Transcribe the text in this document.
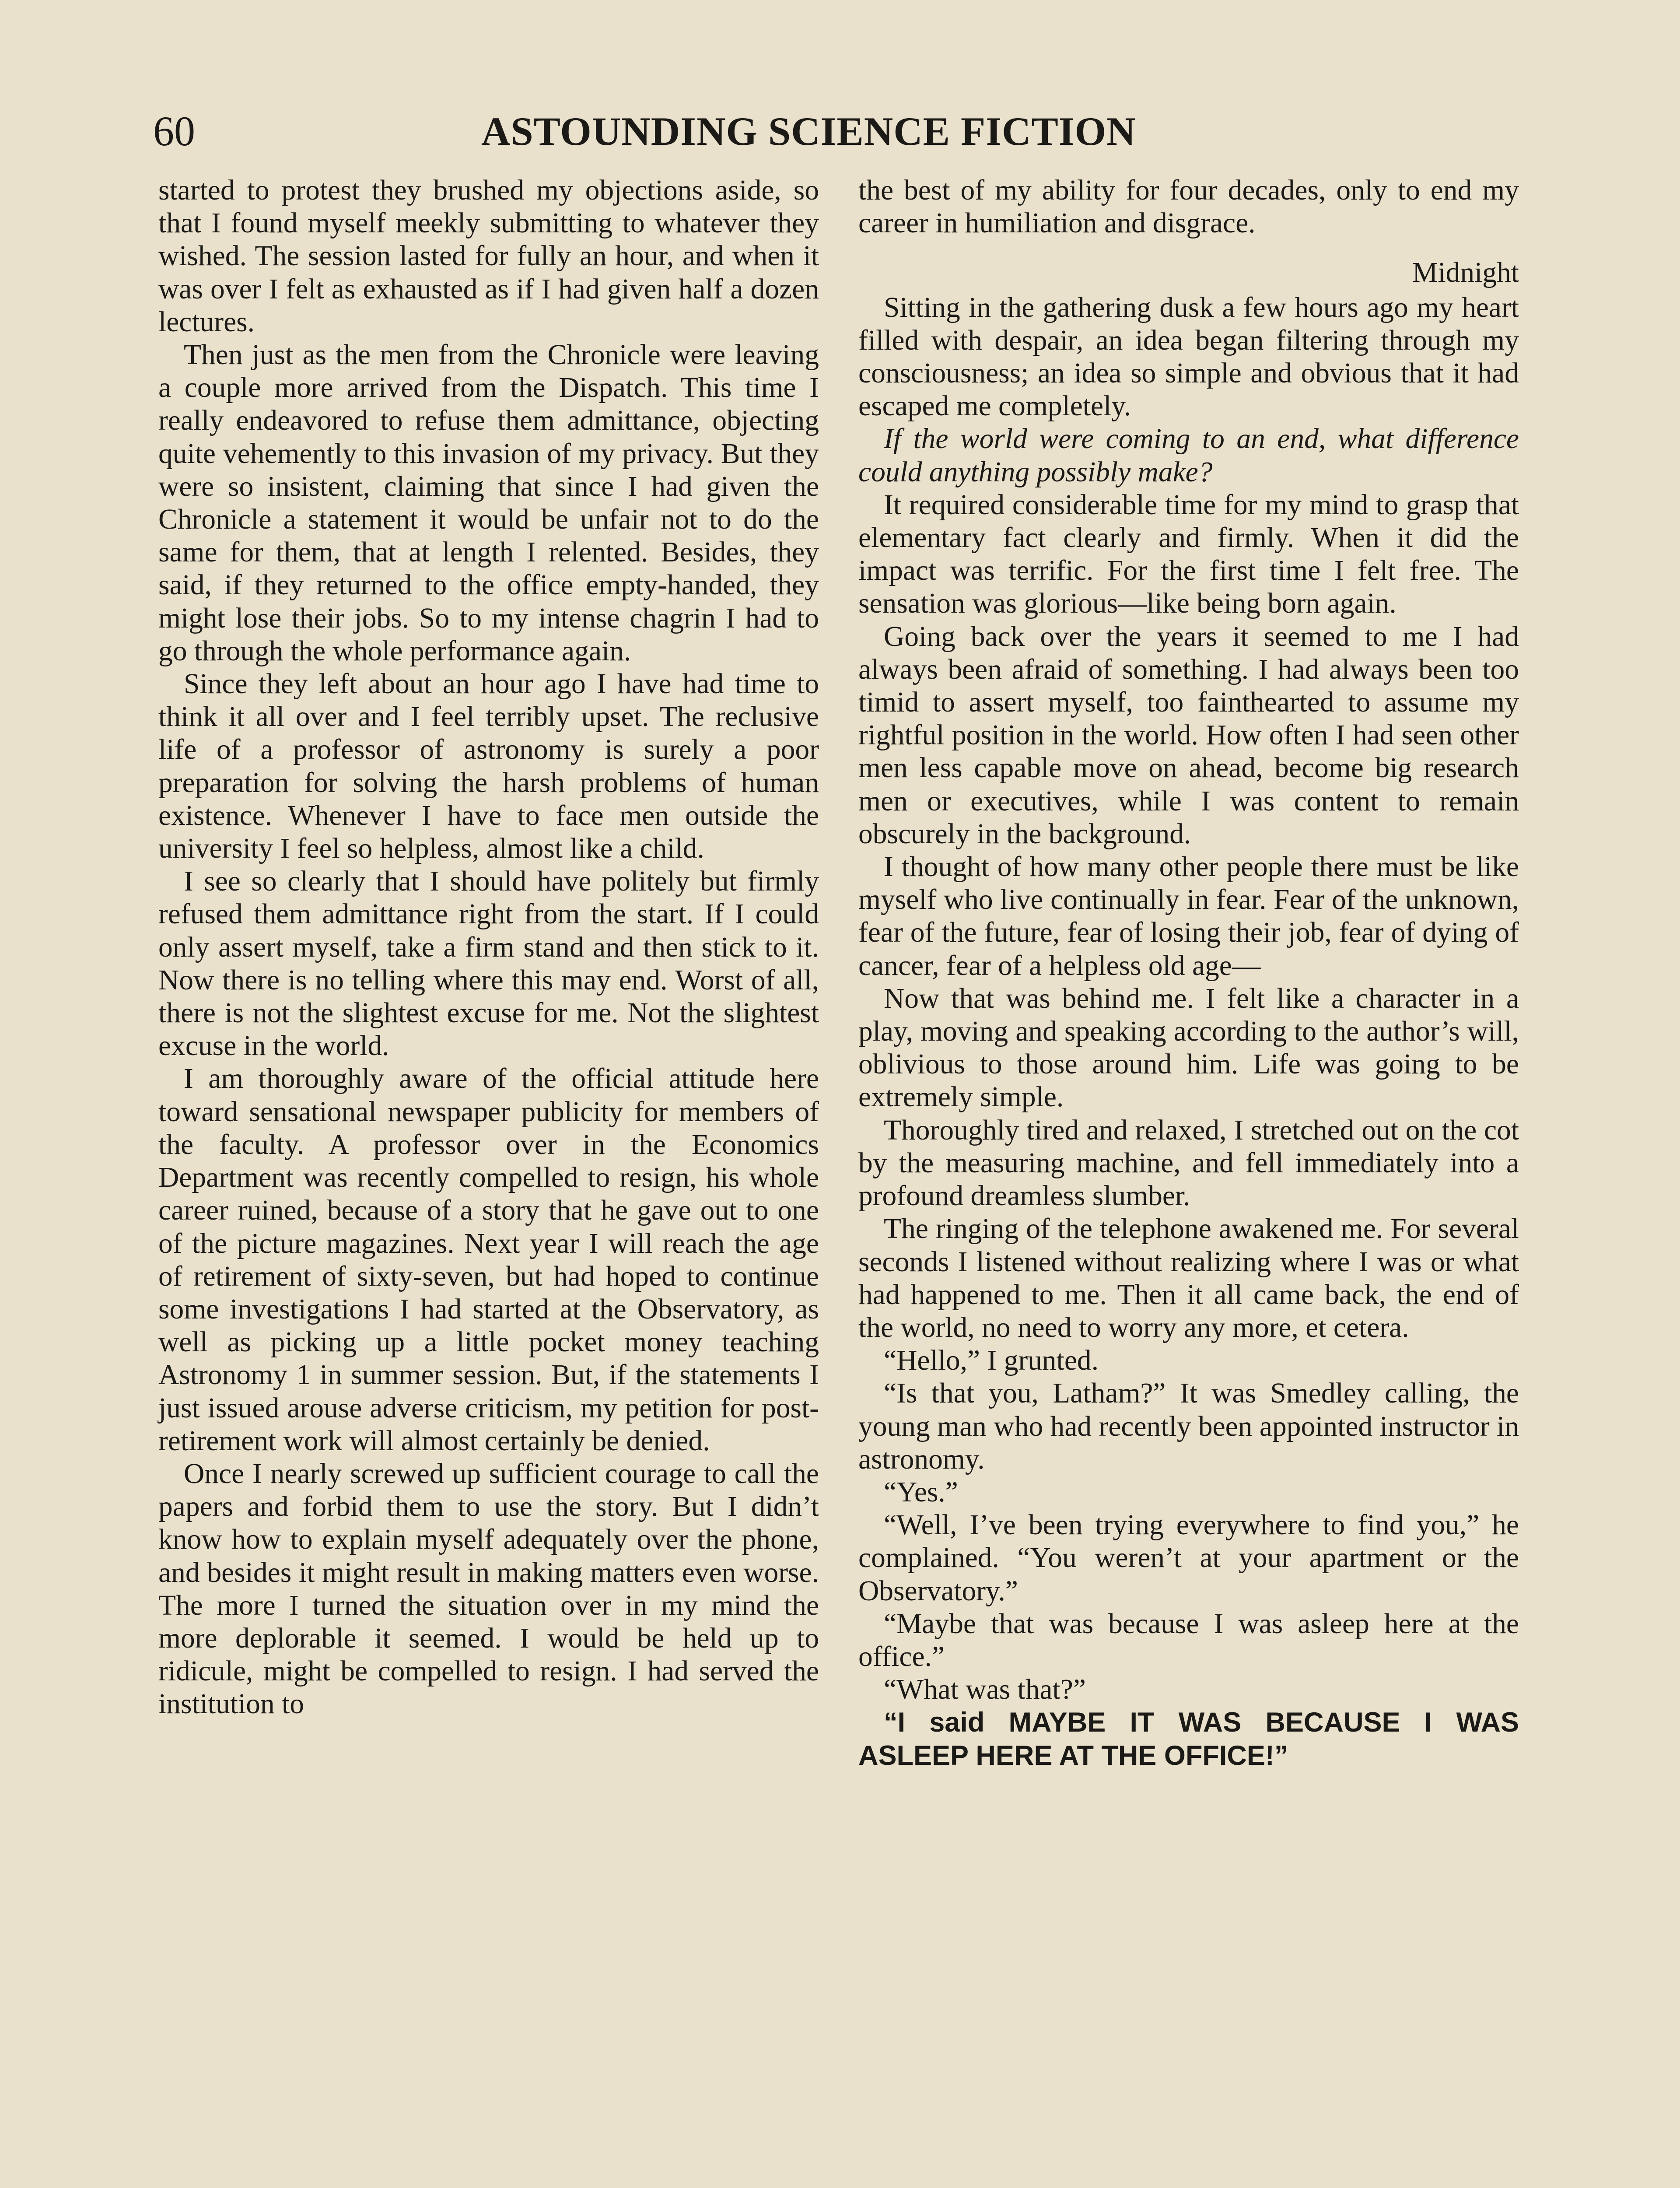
60	ASTOUNDING SCIENCE FICTION

started to protest they brushed my objections aside, so that I found myself meekly submitting to whatever they wished. The session lasted for fully an hour, and when it was over I felt as exhausted as if I had given half a dozen lectures.

Then just as the men from the Chronicle were leaving a couple more arrived from the Dispatch. This time I really endeavored to refuse them admittance, objecting quite vehemently to this invasion of my privacy. But they were so insistent, claiming that since I had given the Chronicle a statement it would be unfair not to do the same for them, that at length I relented. Besides, they said, if they returned to the office empty-handed, they might lose their jobs. So to my intense chagrin I had to go through the whole performance again.

Since they left about an hour ago I have had time to think it all over and I feel terribly upset. The reclusive life of a professor of astronomy is surely a poor preparation for solving the harsh problems of human existence. Whenever I have to face men outside the university I feel so helpless, almost like a child.

I see so clearly that I should have politely but firmly refused them admittance right from the start. If I could only assert myself, take a firm stand and then stick to it. Now there is no telling where this may end. Worst of all, there is not the slightest excuse for me. Not the slightest excuse in the world.

I am thoroughly aware of the official attitude here toward sensational newspaper publicity for members of the faculty. A professor over in the Economics Department was recently compelled to resign, his whole career ruined, because of a story that he gave out to one of the picture magazines. Next year I will reach the age of retirement of sixty-seven, but had hoped to continue some investigations I had started at the Observatory, as well as picking up a little pocket money teaching Astronomy 1 in summer session. But, if the statements I just issued arouse adverse criticism, my petition for post-retirement work will almost certainly be denied.

Once I nearly screwed up sufficient courage to call the papers and forbid them to use the story. But I didn’t know how to explain myself adequately over the phone, and besides it might result in making matters even worse. The more I turned the situation over in my mind the more deplorable it seemed. I would be held up to ridicule, might be compelled to resign. I had served the institution to

the best of my ability for four decades, only to end my career in humiliation and disgrace.

Midnight

Sitting in the gathering dusk a few hours ago my heart filled with despair, an idea began filtering through my consciousness; an idea so simple and obvious that it had escaped me completely.

If the world were coming to an end, what difference could anything possibly make?

It required considerable time for my mind to grasp that elementary fact clearly and firmly. When it did the impact was terrific. For the first time I felt free. The sensation was glorious—like being born again.

Going back over the years it seemed to me I had always been afraid of something. I had always been too timid to assert myself, too fainthearted to assume my rightful position in the world. How often I had seen other men less capable move on ahead, become big research men or executives, while I was content to remain obscurely in the background.

I thought of how many other people there must be like myself who live continually in fear. Fear of the unknown, fear of the future, fear of losing their job, fear of dying of cancer, fear of a helpless old age—

Now that was behind me. I felt like a character in a play, moving and speaking according to the author’s will, oblivious to those around him. Life was going to be extremely simple.

Thoroughly tired and relaxed, I stretched out on the cot by the measuring machine, and fell immediately into a profound dreamless slumber.

The ringing of the telephone awakened me. For several seconds I listened without realizing where I was or what had happened to me. Then it all came back, the end of the world, no need to worry any more, et cetera.

“Hello,” I grunted.

“Is that you, Latham?” It was Smedley calling, the young man who had recently been appointed instructor in astronomy.

“Yes.”

“Well, I’ve been trying everywhere to find you,” he complained. “You weren’t at your apartment or the Observatory.”

“Maybe that was because I was asleep here at the office.”

“What was that?”

“I said MAYBE IT WAS BECAUSE I WAS ASLEEP HERE AT THE OFFICE!”
